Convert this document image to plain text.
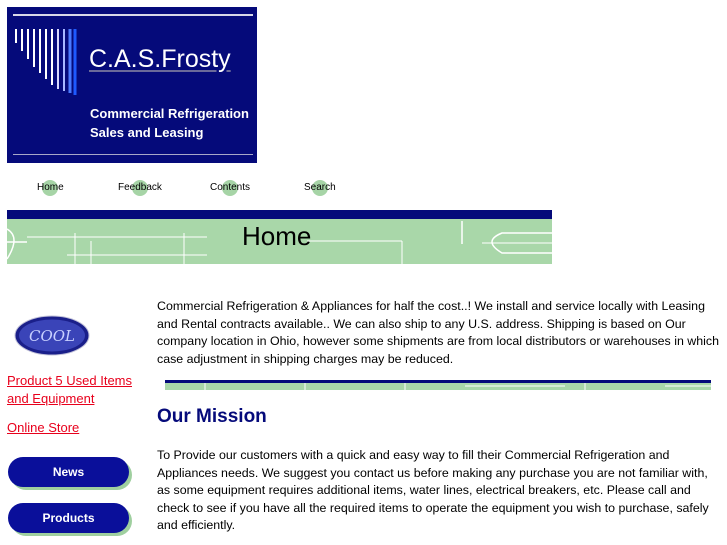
C.A.S.Frosty
Commercial Refrigeration
Sales and Leasing
Home	Feedback	Contents	Search
Home
COOL
Product 5 Used Items and Equipment
Online Store
News
Products

Commercial Refrigeration & Appliances for half the cost..! We install and service locally with Leasing and Rental contracts available.. We can also ship to any U.S. address. Shipping is based on Our company location in Ohio, however some shipments are from local distributors or warehouses in which case adjustment in shipping charges may be reduced.

Our Mission

To Provide our customers with a quick and easy way to fill their Commercial Refrigeration and Appliances needs. We suggest you contact us before making any purchase you are not familiar with, as some equipment requires additional items, water lines, electrical breakers, etc. Please call and check to see if you have all the required items to operate the equipment you wish to purchase, safely and efficiently.
